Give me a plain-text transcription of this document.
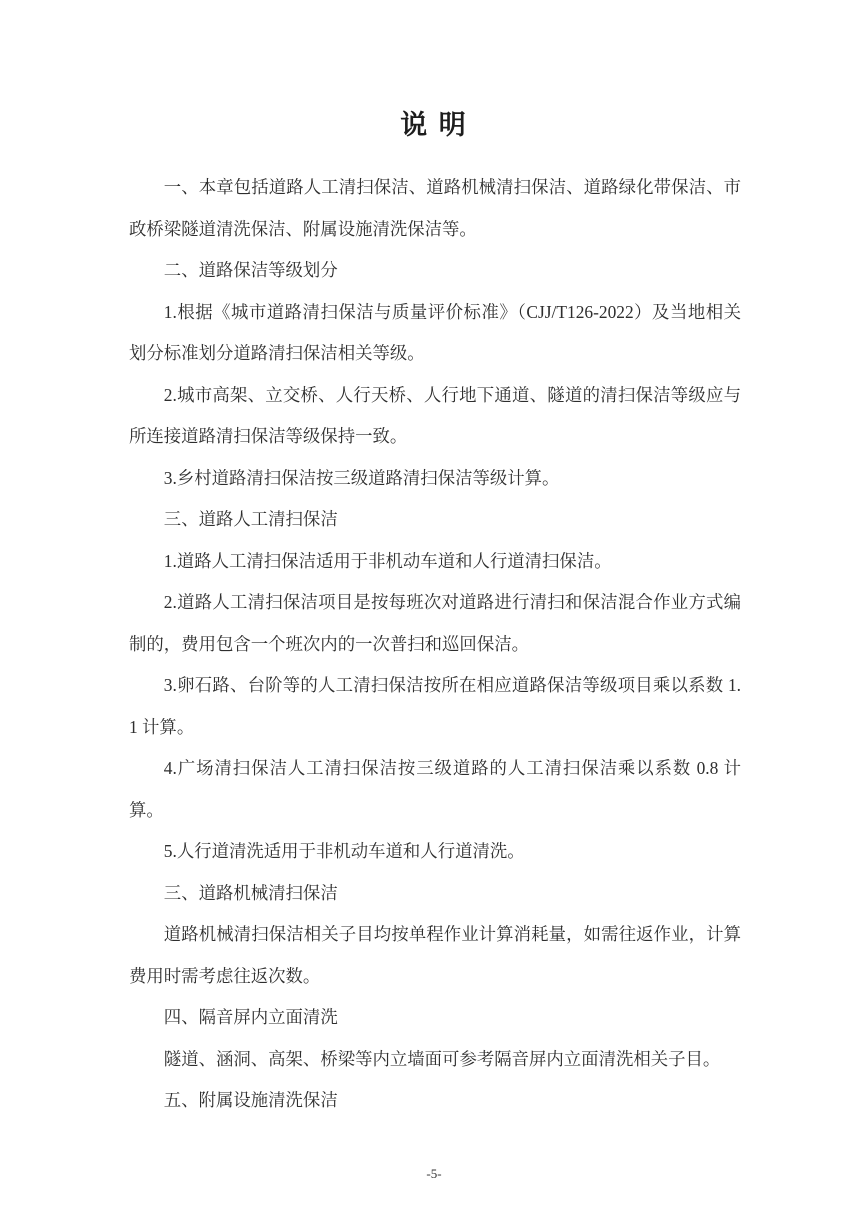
说 明

一、本章包括道路人工清扫保洁、道路机械清扫保洁、道路绿化带保洁、市政桥梁隧道清洗保洁、附属设施清洗保洁等。

二、道路保洁等级划分

1.根据《城市道路清扫保洁与质量评价标准》（CJJ/T126-2022）及当地相关划分标准划分道路清扫保洁相关等级。

2.城市高架、立交桥、人行天桥、人行地下通道、隧道的清扫保洁等级应与所连接道路清扫保洁等级保持一致。

3.乡村道路清扫保洁按三级道路清扫保洁等级计算。

三、道路人工清扫保洁

1.道路人工清扫保洁适用于非机动车道和人行道清扫保洁。

2.道路人工清扫保洁项目是按每班次对道路进行清扫和保洁混合作业方式编制的，费用包含一个班次内的一次普扫和巡回保洁。

3.卵石路、台阶等的人工清扫保洁按所在相应道路保洁等级项目乘以系数 1.1 计算。

4.广场清扫保洁人工清扫保洁按三级道路的人工清扫保洁乘以系数 0.8 计算。

5.人行道清洗适用于非机动车道和人行道清洗。

三、道路机械清扫保洁

道路机械清扫保洁相关子目均按单程作业计算消耗量，如需往返作业，计算费用时需考虑往返次数。

四、隔音屏内立面清洗

隧道、涵洞、高架、桥梁等内立墙面可参考隔音屏内立面清洗相关子目。

五、附属设施清洗保洁

-5-
